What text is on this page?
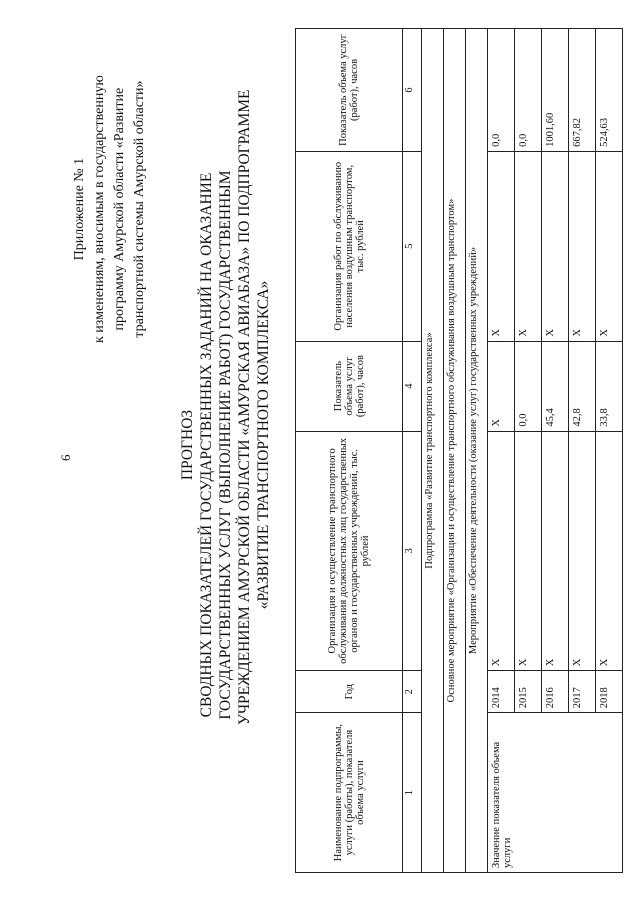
6
Приложение № 1 к изменениям, вносимым в государственную программу Амурской области «Развитие транспортной системы Амурской области»
ПРОГНОЗ СВОДНЫХ ПОКАЗАТЕЛЕЙ ГОСУДАРСТВЕННЫХ ЗАДАНИЙ НА ОКАЗАНИЕ ГОСУДАРСТВЕННЫХ УСЛУГ (ВЫПОЛНЕНИЕ РАБОТ) ГОСУДАРСТВЕННЫМ УЧРЕЖДЕНИЕМ АМУРСКОЙ ОБЛАСТИ «АМУРСКАЯ АВИАБАЗА» ПО ПОДПРОГРАММЕ «РАЗВИТИЕ ТРАНСПОРТНОГО КОМПЛЕКСА»
Наименование подпрограммы, услуги (работы), показателя объема услуги	Год	Организация и осуществление транспортного обслуживания должностных лиц государственных органов и государственных учреждений, тыс. рублей	Показатель объема услуг (работ), часов	Организация работ по обслуживанию населения воздушным транспортом, тыс. рублей	Показатель объема услуг (работ), часов
1	2	3	4	5	6
Подпрограмма «Развитие транспортного комплекса»					
Основное мероприятие «Организация и осуществление транспортного обслуживания воздушным транспортом»					
Мероприятие «Обеспечение деятельности (оказание услуг) государственных учреждений»					
Значение показателя объема услуги	2014	Х	Х	Х	0,0
	2015	Х	0,0	Х	0,0
	2016	Х	45,4	Х	1001,60
	2017	Х	42,8	Х	667,82
	2018	Х	33,8	Х	524,63
